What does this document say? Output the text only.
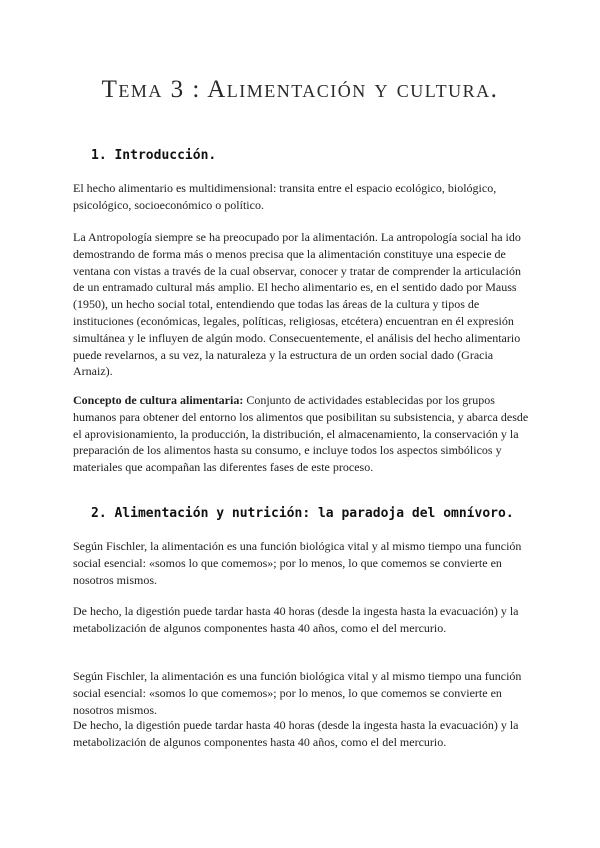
Tema 3 : Alimentación y cultura.
1. Introducción.
El hecho alimentario es multidimensional: transita entre el espacio ecológico, biológico, psicológico, socioeconómico o político.
La Antropología siempre se ha preocupado por la alimentación. La antropología social ha ido demostrando de forma más o menos precisa que la alimentación constituye una especie de ventana con vistas a través de la cual observar, conocer y tratar de comprender la articulación de un entramado cultural más amplio. El hecho alimentario es, en el sentido dado por Mauss (1950), un hecho social total, entendiendo que todas las áreas de la cultura y tipos de instituciones (económicas, legales, políticas, religiosas, etcétera) encuentran en él expresión simultánea y le influyen de algún modo. Consecuentemente, el análisis del hecho alimentario puede revelarnos, a su vez, la naturaleza y la estructura de un orden social dado (Gracia Arnaiz).
Concepto de cultura alimentaria: Conjunto de actividades establecidas por los grupos humanos para obtener del entorno los alimentos que posibilitan su subsistencia, y abarca desde el aprovisionamiento, la producción, la distribución, el almacenamiento, la conservación y la preparación de los alimentos hasta su consumo, e incluye todos los aspectos simbólicos y materiales que acompañan las diferentes fases de este proceso.
2. Alimentación y nutrición: la paradoja del omnívoro.
Según Fischler, la alimentación es una función biológica vital y al mismo tiempo una función social esencial: «somos lo que comemos»; por lo menos, lo que comemos se convierte en nosotros mismos.
De hecho, la digestión puede tardar hasta 40 horas (desde la ingesta hasta la evacuación) y la metabolización de algunos componentes hasta 40 años, como el del mercurio.
Según Fischler, la alimentación es una función biológica vital y al mismo tiempo una función social esencial: «somos lo que comemos»; por lo menos, lo que comemos se convierte en nosotros mismos.
De hecho, la digestión puede tardar hasta 40 horas (desde la ingesta hasta la evacuación) y la metabolización de algunos componentes hasta 40 años, como el del mercurio.
